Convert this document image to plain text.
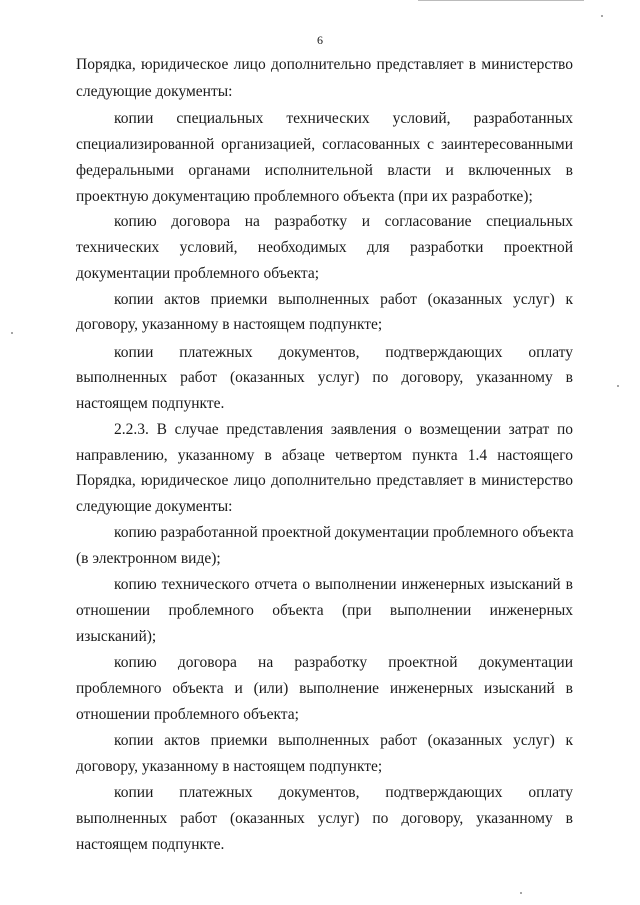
6
Порядка, юридическое лицо дополнительно представляет в министерство
следующие документы:
копии специальных технических условий, разработанных
специализированной организацией, согласованных с заинтересованными
федеральными органами исполнительной власти и включенных в
проектную документацию проблемного объекта (при их разработке);
копию договора на разработку и согласование специальных
технических условий, необходимых для разработки проектной
документации проблемного объекта;
копии актов приемки выполненных работ (оказанных услуг) к
договору, указанному в настоящем подпункте;
копии платежных документов, подтверждающих оплату
выполненных работ (оказанных услуг) по договору, указанному в
настоящем подпункте.
2.2.3. В случае представления заявления о возмещении затрат по
направлению, указанному в абзаце четвертом пункта 1.4 настоящего
Порядка, юридическое лицо дополнительно представляет в министерство
следующие документы:
копию разработанной проектной документации проблемного объекта
(в электронном виде);
копию технического отчета о выполнении инженерных изысканий в
отношении проблемного объекта (при выполнении инженерных
изысканий);
копию договора на разработку проектной документации
проблемного объекта и (или) выполнение инженерных изысканий в
отношении проблемного объекта;
копии актов приемки выполненных работ (оказанных услуг) к
договору, указанному в настоящем подпункте;
копии платежных документов, подтверждающих оплату
выполненных работ (оказанных услуг) по договору, указанному в
настоящем подпункте.
